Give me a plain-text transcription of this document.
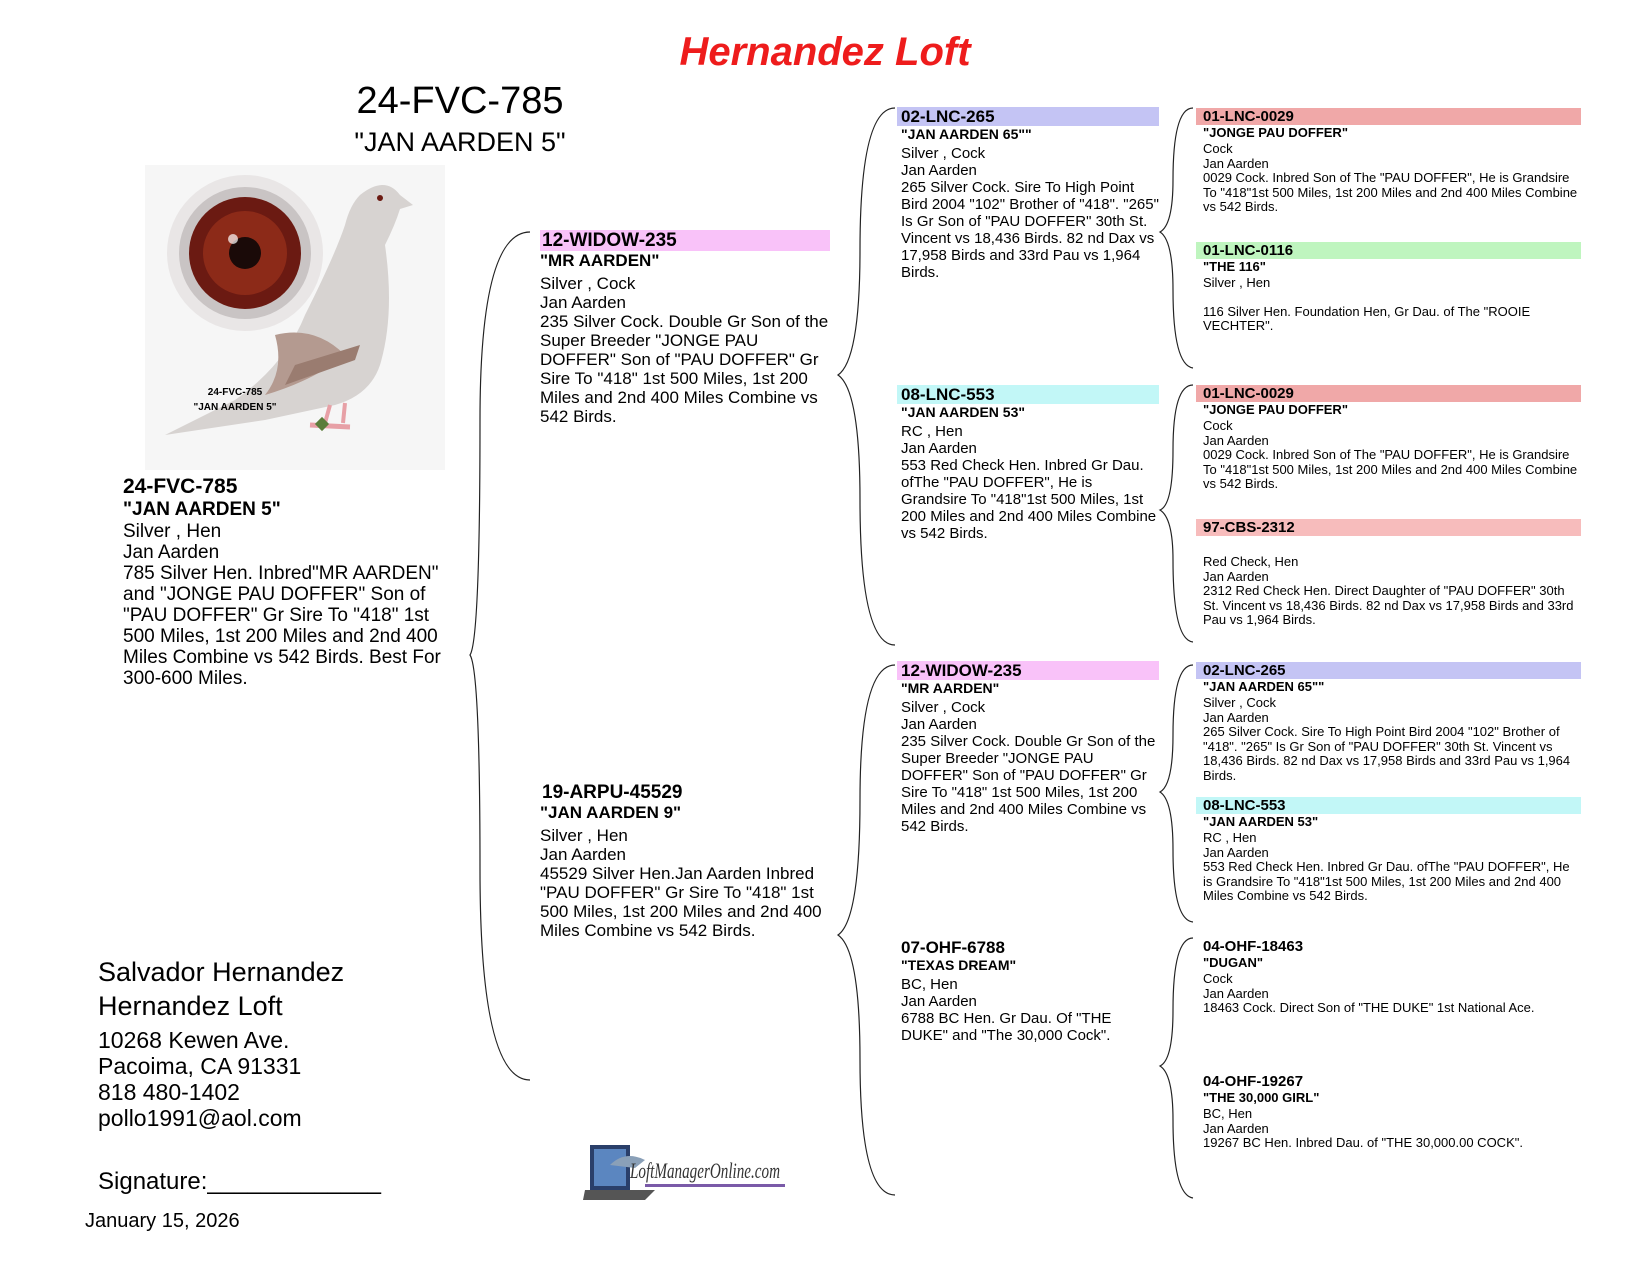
Hernandez Loft
24-FVC-785
"JAN AARDEN 5"
24-FVC-785
"JAN AARDEN 5"
24-FVC-785
"JAN AARDEN 5"
Silver , Hen
Jan Aarden
785 Silver Hen. Inbred"MR AARDEN" and "JONGE PAU DOFFER" Son of "PAU DOFFER" Gr Sire To "418" 1st 500 Miles, 1st 200 Miles and 2nd 400 Miles Combine vs 542 Birds. Best For 300-600 Miles.
Salvador Hernandez
Hernandez Loft
10268 Kewen Ave.
Pacoima, CA 91331
818 480-1402
pollo1991@aol.com
Signature:_____________
January 15, 2026
LoftManagerOnline.com
12-WIDOW-235
"MR AARDEN"
Silver , Cock
Jan Aarden
235 Silver Cock. Double Gr Son of the Super Breeder "JONGE PAU DOFFER" Son of "PAU DOFFER" Gr Sire To "418" 1st 500 Miles, 1st 200 Miles and 2nd 400 Miles Combine vs 542 Birds.
19-ARPU-45529
"JAN AARDEN 9"
Silver , Hen
Jan Aarden
45529 Silver Hen.Jan Aarden Inbred "PAU DOFFER" Gr Sire To "418" 1st 500 Miles, 1st 200 Miles and 2nd 400 Miles Combine vs 542 Birds.
02-LNC-265
"JAN AARDEN 65""
Silver , Cock
Jan Aarden
265 Silver Cock. Sire To High Point Bird 2004 "102" Brother of "418". "265" Is Gr Son of "PAU DOFFER" 30th St. Vincent vs 18,436 Birds. 82 nd Dax vs 17,958 Birds and 33rd Pau vs 1,964 Birds.
08-LNC-553
"JAN AARDEN 53"
RC , Hen
Jan Aarden
553 Red Check Hen. Inbred Gr Dau. ofThe "PAU DOFFER", He is Grandsire To "418"1st 500 Miles, 1st 200 Miles and 2nd 400 Miles Combine vs 542 Birds.
12-WIDOW-235
"MR AARDEN"
Silver , Cock
Jan Aarden
235 Silver Cock. Double Gr Son of the Super Breeder "JONGE PAU DOFFER" Son of "PAU DOFFER" Gr Sire To "418" 1st 500 Miles, 1st 200 Miles and 2nd 400 Miles Combine vs 542 Birds.
07-OHF-6788
"TEXAS DREAM"
BC, Hen
Jan Aarden
6788 BC Hen. Gr Dau. Of "THE DUKE" and "The 30,000 Cock".
01-LNC-0029
"JONGE PAU DOFFER"
Cock
Jan Aarden
0029 Cock. Inbred Son of The "PAU DOFFER", He is Grandsire To "418"1st 500 Miles, 1st 200 Miles and 2nd 400 Miles Combine vs 542 Birds.
01-LNC-0116
"THE 116"
Silver , Hen
116 Silver Hen. Foundation Hen, Gr Dau. of The "ROOIE VECHTER".
01-LNC-0029
"JONGE PAU DOFFER"
Cock
Jan Aarden
0029 Cock. Inbred Son of The "PAU DOFFER", He is Grandsire To "418"1st 500 Miles, 1st 200 Miles and 2nd 400 Miles Combine vs 542 Birds.
97-CBS-2312
Red Check, Hen
Jan Aarden
2312 Red Check Hen. Direct Daughter of "PAU DOFFER" 30th St. Vincent vs 18,436 Birds. 82 nd Dax vs 17,958 Birds and 33rd Pau vs 1,964 Birds.
02-LNC-265
"JAN AARDEN 65""
Silver , Cock
Jan Aarden
265 Silver Cock. Sire To High Point Bird 2004 "102" Brother of "418". "265" Is Gr Son of "PAU DOFFER" 30th St. Vincent vs 18,436 Birds. 82 nd Dax vs 17,958 Birds and 33rd Pau vs 1,964 Birds.
08-LNC-553
"JAN AARDEN 53"
RC , Hen
Jan Aarden
553 Red Check Hen. Inbred Gr Dau. ofThe "PAU DOFFER", He is Grandsire To "418"1st 500 Miles, 1st 200 Miles and 2nd 400 Miles Combine vs 542 Birds.
04-OHF-18463
"DUGAN"
Cock
Jan Aarden
18463 Cock. Direct Son of "THE DUKE" 1st National Ace.
04-OHF-19267
"THE 30,000 GIRL"
BC, Hen
Jan Aarden
19267 BC Hen. Inbred Dau. of "THE 30,000.00 COCK".
